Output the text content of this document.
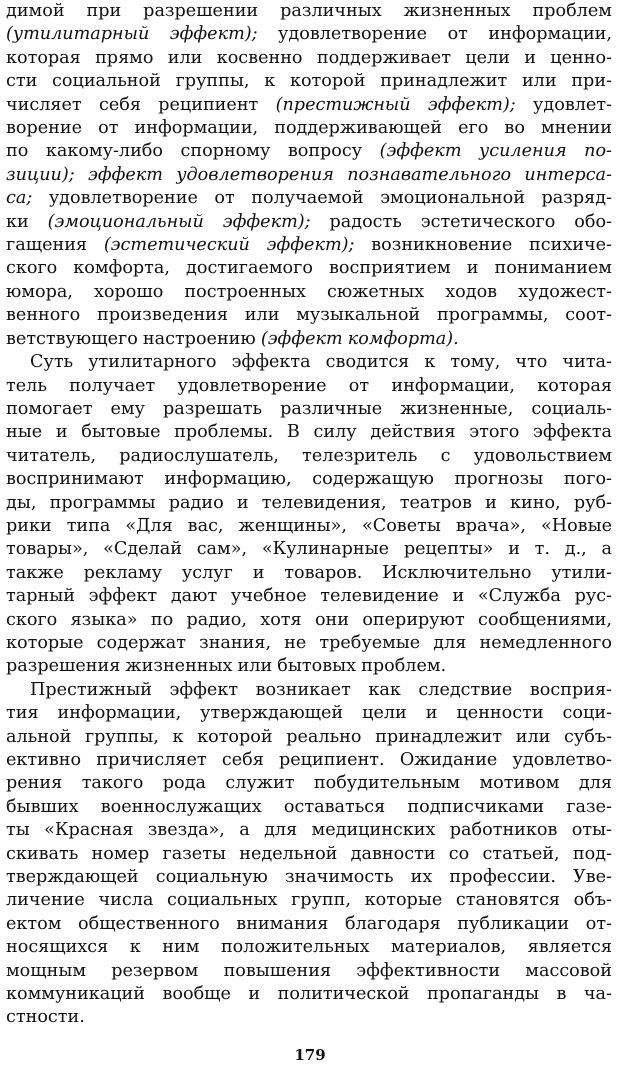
димой при разрешении различных жизненных проблем
(утилитарный эффект); удовлетворение от информации,
которая прямо или косвенно поддерживает цели и ценно-
сти социальной группы, к которой принадлежит или при-
числяет себя реципиент (престижный эффект); удовлет-
ворение от информации, поддерживающей его во мнении
по какому-либо спорному вопросу (эффект усиления по-
зиции); эффект удовлетворения познавательного интерса-
са; удовлетворение от получаемой эмоциональной разряд-
ки (эмоциональный эффект); радость эстетического обо-
гащения (эстетический эффект); возникновение психиче-
ского комфорта, достигаемого восприятием и пониманием
юмора, хорошо построенных сюжетных ходов художест-
венного произведения или музыкальной программы, соот-
ветствующего настроению (эффект комфорта).
Суть утилитарного эффекта сводится к тому, что чита-
тель получает удовлетворение от информации, которая
помогает ему разрешать различные жизненные, социаль-
ные и бытовые проблемы. В силу действия этого эффекта
читатель, радиослушатель, телезритель с удовольствием
воспринимают информацию, содержащую прогнозы пого-
ды, программы радио и телевидения, театров и кино, руб-
рики типа «Для вас, женщины», «Советы врача», «Новые
товары», «Сделай сам», «Кулинарные рецепты» и т. д., а
также рекламу услуг и товаров. Исключительно утили-
тарный эффект дают учебное телевидение и «Служба рус-
ского языка» по радио, хотя они оперируют сообщениями,
которые содержат знания, не требуемые для немедленного
разрешения жизненных или бытовых проблем.
Престижный эффект возникает как следствие восприя-
тия информации, утверждающей цели и ценности соци-
альной группы, к которой реально принадлежит или субъ-
ективно причисляет себя реципиент. Ожидание удовлетво-
рения такого рода служит побудительным мотивом для
бывших военнослужащих оставаться подписчиками газе-
ты «Красная звезда», а для медицинских работников оты-
скивать номер газеты недельной давности со статьей, под-
тверждающей социальную значимость их профессии. Уве-
личение числа социальных групп, которые становятся объ-
ектом общественного внимания благодаря публикации от-
носящихся к ним положительных материалов, является
мощным резервом повышения эффективности массовой
коммуникаций вообще и политической пропаганды в ча-
стности.
179
